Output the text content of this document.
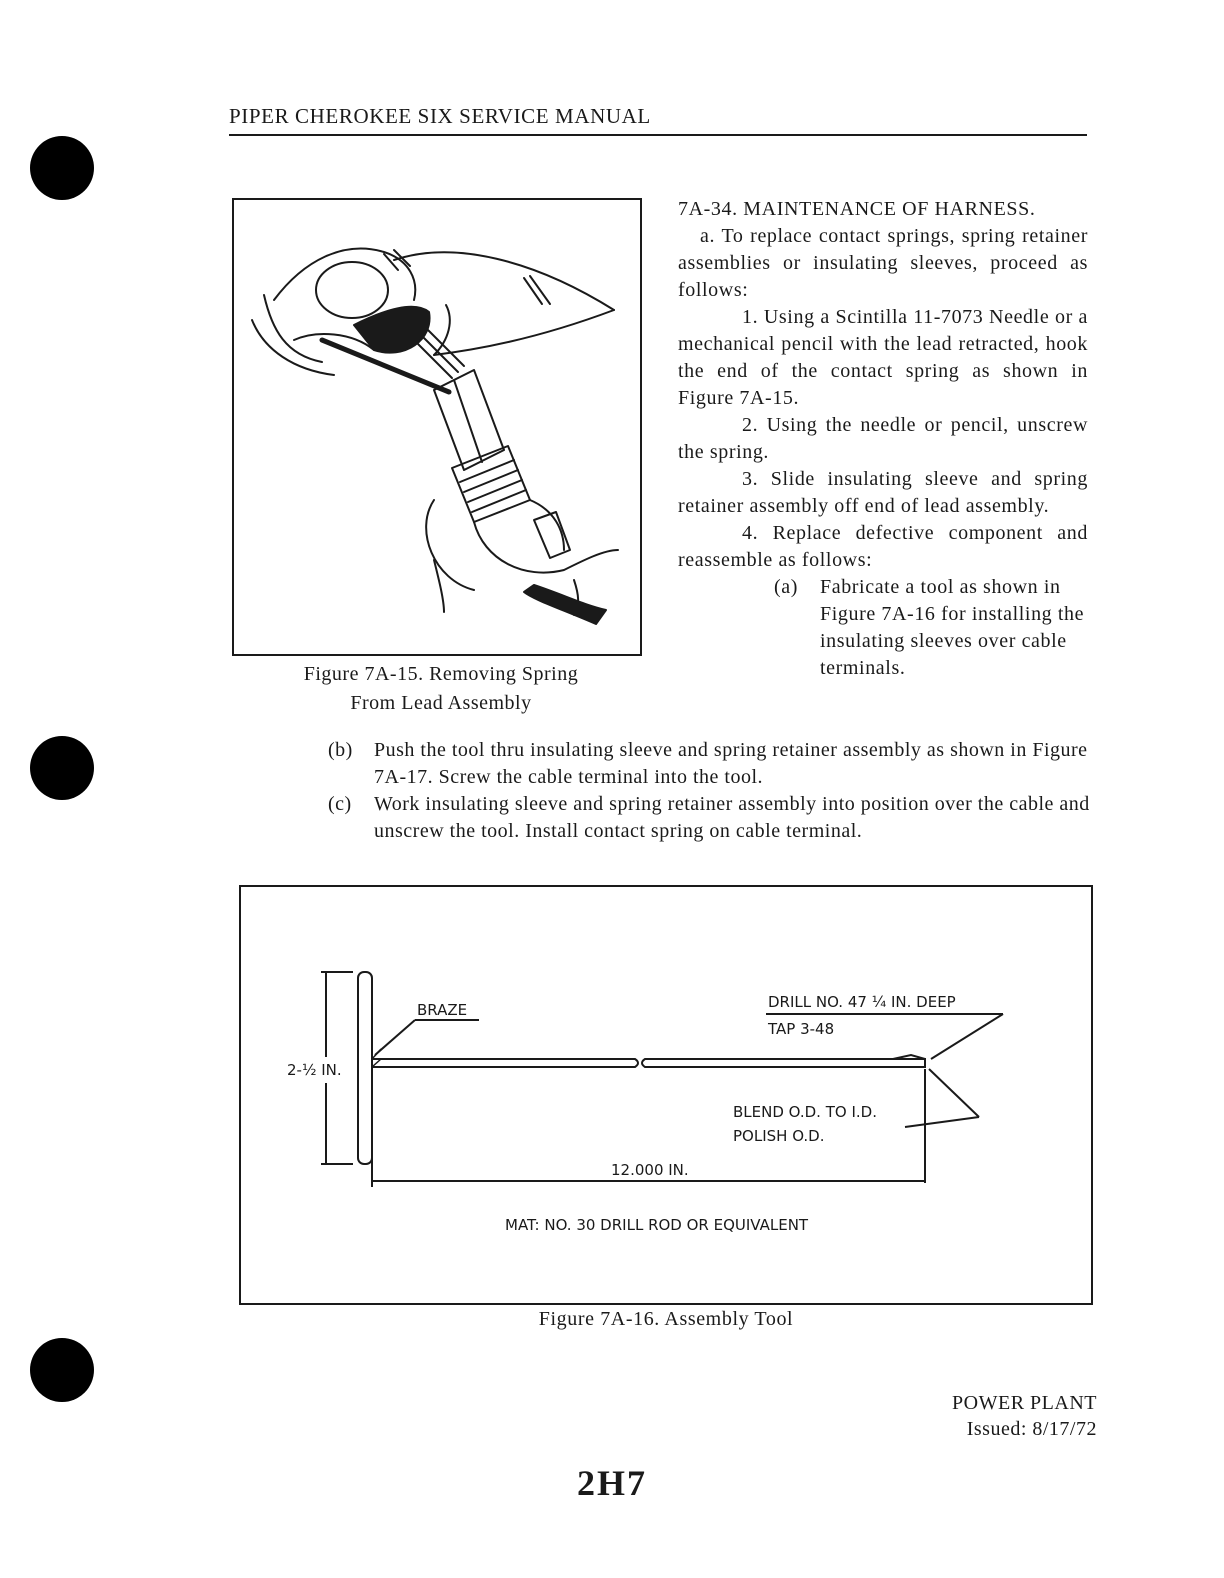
PIPER CHEROKEE SIX SERVICE MANUAL
Figure 7A-15. Removing Spring
From Lead Assembly

7A-34. MAINTENANCE OF HARNESS.

a. To replace contact springs, spring retainer assemblies or insulating sleeves, proceed as follows:

1. Using a Scintilla 11-7073 Needle or a mechanical pencil with the lead retracted, hook the end of the contact spring as shown in Figure 7A-15.

2. Using the needle or pencil, unscrew the spring.

3. Slide insulating sleeve and spring retainer assembly off end of lead assembly.

4. Replace defective component and reassemble as follows:

(a)	Fabricate a tool as shown in Figure 7A-16 for installing the insulating sleeves over cable terminals.
(b)	Push the tool thru insulating sleeve and spring retainer assembly as shown in Figure 7A-17. Screw the cable terminal into the tool.
(c)	Work insulating sleeve and spring retainer assembly into position over the cable and unscrew the tool. Install contact spring on cable terminal.
BRAZE	DRILL NO. 47 ¼ IN. DEEP
TAP 3-48
2-½ IN.
BLEND O.D. TO I.D.
POLISH O.D.
12.000 IN.
MAT: NO. 30 DRILL ROD OR EQUIVALENT
Figure 7A-16. Assembly Tool
POWER PLANT
Issued: 8/17/72
2H7
